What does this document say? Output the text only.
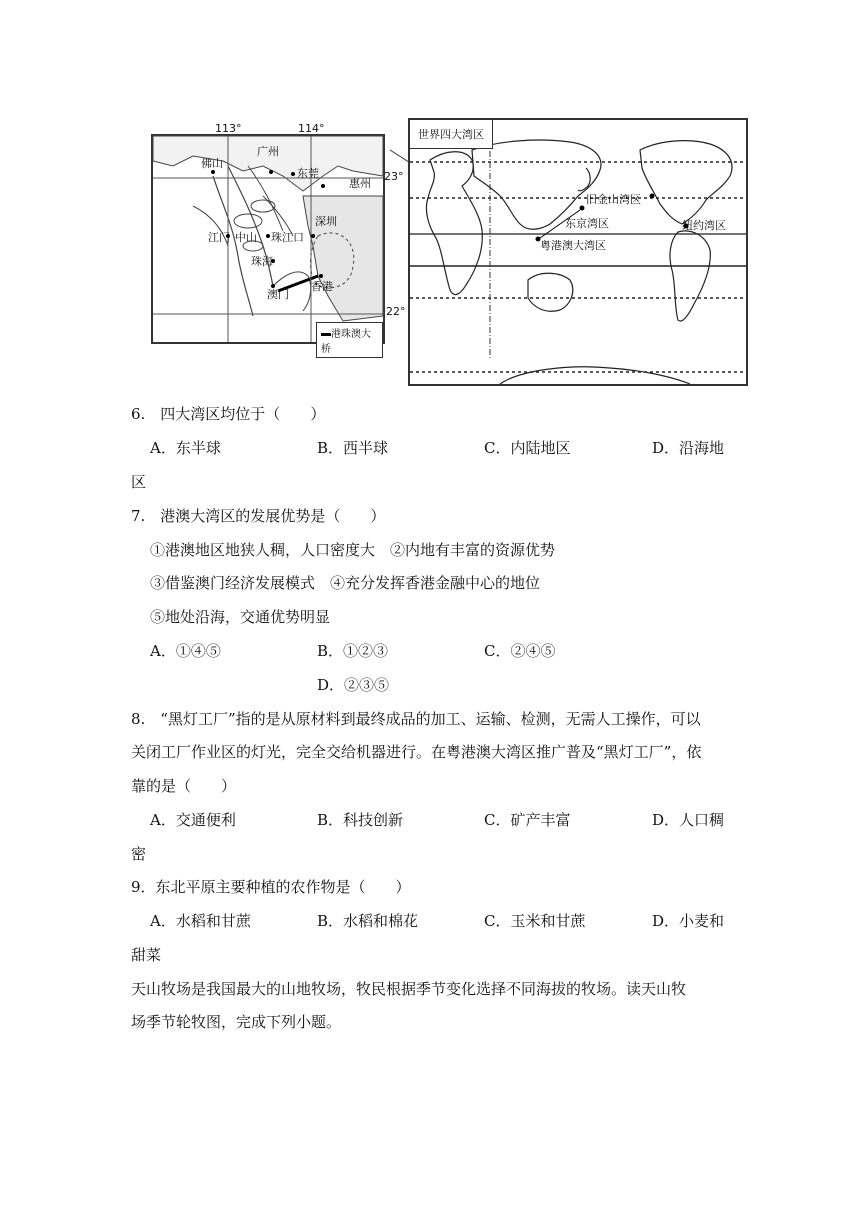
广州
佛山
东莞
惠州
深圳
江门 中山 珠江口
珠海
澳门
香港
港珠澳大桥
113°	114°
23°
22°
世界四大湾区
旧金山湾区
东京湾区	纽约湾区
粤港澳大湾区
6.　四大湾区均位于（　　）
A．东半球	B．西半球	C．内陆地区	D．沿海地
区
7.　港澳大湾区的发展优势是（　　）
①港澳地区地狭人稠，人口密度大　②内地有丰富的资源优势
③借鉴澳门经济发展模式　④充分发挥香港金融中心的地位
⑤地处沿海，交通优势明显
A．①④⑤	B．①②③	C．②④⑤
D．②③⑤
8.　“黑灯工厂”指的是从原材料到最终成品的加工、运输、检测，无需人工操作，可以
关闭工厂作业区的灯光，完全交给机器进行。在粤港澳大湾区推广普及“黑灯工厂”，依
靠的是（　　）
A．交通便利	B．科技创新	C．矿产丰富	D．人口稠
密
9．东北平原主要种植的农作物是（　　）
A．水稻和甘蔗	B．水稻和棉花	C．玉米和甘蔗	D．小麦和
甜菜
天山牧场是我国最大的山地牧场，牧民根据季节变化选择不同海拔的牧场。读天山牧
场季节轮牧图，完成下列小题。
